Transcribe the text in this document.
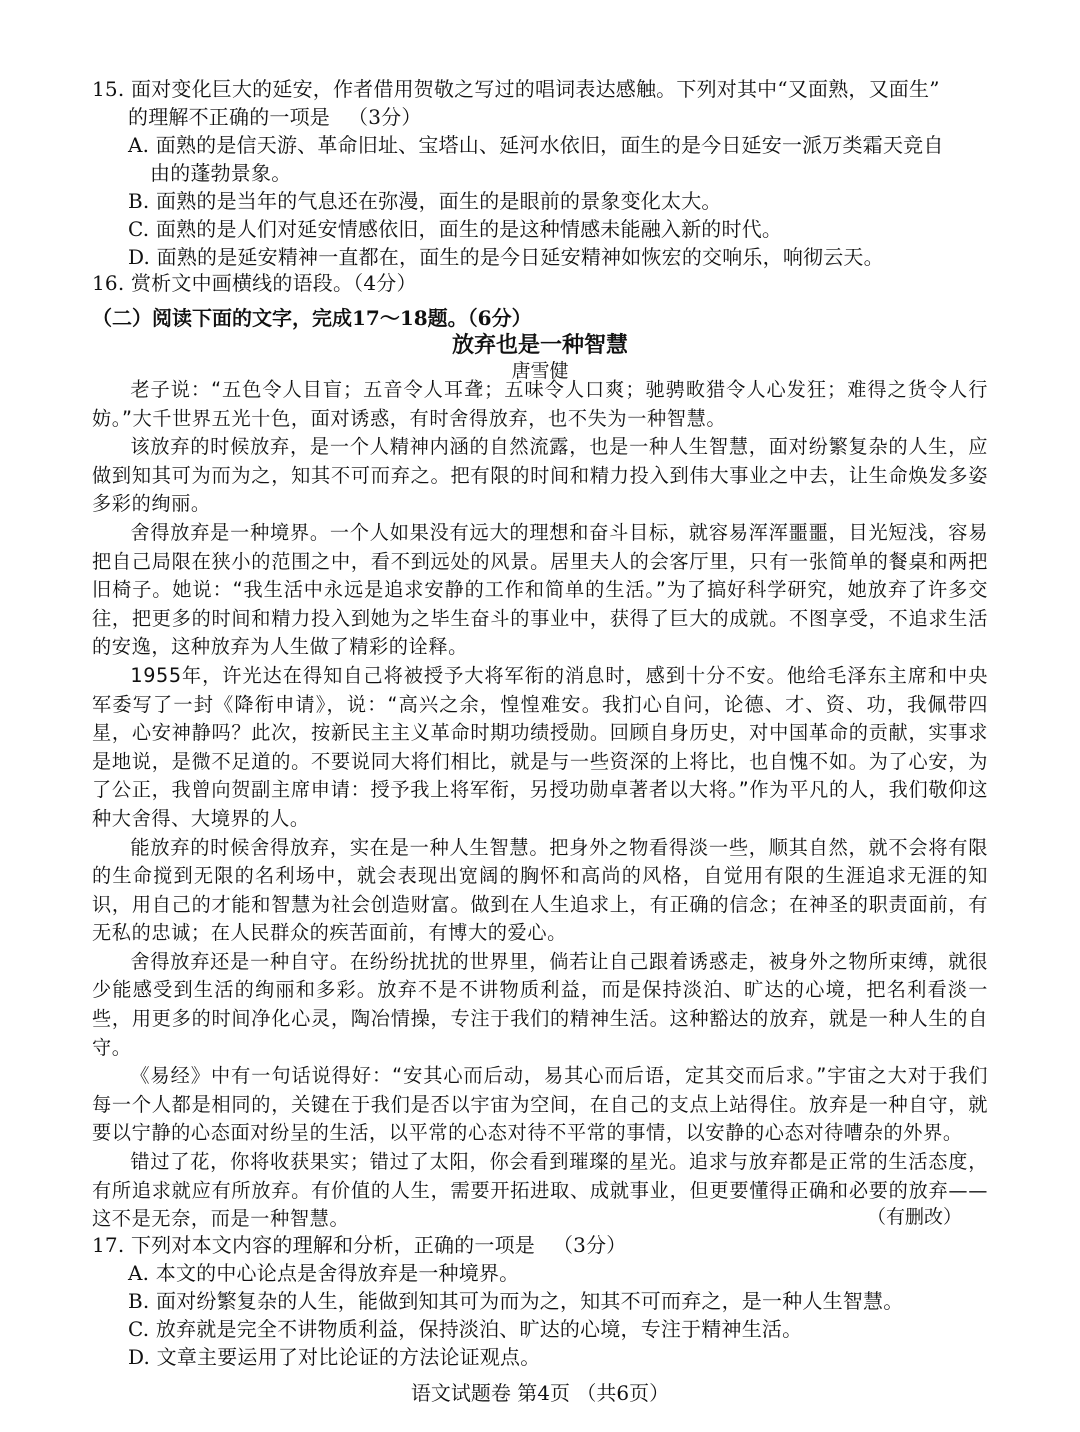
15. 面对变化巨大的延安，作者借用贺敬之写过的唱词表达感触。下列对其中“又面熟，又面生”
的理解不正确的一项是 （3分）
A. 面熟的是信天游、革命旧址、宝塔山、延河水依旧，面生的是今日延安一派万类霜天竞自
由的蓬勃景象。
B. 面熟的是当年的气息还在弥漫，面生的是眼前的景象变化太大。
C. 面熟的是人们对延安情感依旧，面生的是这种情感未能融入新的时代。
D. 面熟的是延安精神一直都在，面生的是今日延安精神如恢宏的交响乐，响彻云天。
16. 赏析文中画横线的语段。（4分）
（二）阅读下面的文字，完成17～18题。（6分）
放弃也是一种智慧
唐雪健

老子说：“五色令人目盲；五音令人耳聋；五味令人口爽；驰骋畋猎令人心发狂；难得之货令人行妨。”大千世界五光十色，面对诱惑，有时舍得放弃，也不失为一种智慧。

该放弃的时候放弃，是一个人精神内涵的自然流露，也是一种人生智慧，面对纷繁复杂的人生，应做到知其可为而为之，知其不可而弃之。把有限的时间和精力投入到伟大事业之中去，让生命焕发多姿多彩的绚丽。

舍得放弃是一种境界。一个人如果没有远大的理想和奋斗目标，就容易浑浑噩噩，目光短浅，容易把自己局限在狭小的范围之中，看不到远处的风景。居里夫人的会客厅里，只有一张简单的餐桌和两把旧椅子。她说：“我生活中永远是追求安静的工作和简单的生活。”为了搞好科学研究，她放弃了许多交往，把更多的时间和精力投入到她为之毕生奋斗的事业中，获得了巨大的成就。不图享受，不追求生活的安逸，这种放弃为人生做了精彩的诠释。

1955年，许光达在得知自己将被授予大将军衔的消息时，感到十分不安。他给毛泽东主席和中央军委写了一封《降衔申请》，说：“高兴之余，惶惶难安。我扪心自问，论德、才、资、功，我佩带四星，心安神静吗？此次，按新民主主义革命时期功绩授勋。回顾自身历史，对中国革命的贡献，实事求是地说，是微不足道的。不要说同大将们相比，就是与一些资深的上将比，也自愧不如。为了心安，为了公正，我曾向贺副主席申请：授予我上将军衔，另授功勋卓著者以大将。”作为平凡的人，我们敬仰这种大舍得、大境界的人。

能放弃的时候舍得放弃，实在是一种人生智慧。把身外之物看得淡一些，顺其自然，就不会将有限的生命搅到无限的名利场中，就会表现出宽阔的胸怀和高尚的风格，自觉用有限的生涯追求无涯的知识，用自己的才能和智慧为社会创造财富。做到在人生追求上，有正确的信念；在神圣的职责面前，有无私的忠诚；在人民群众的疾苦面前，有博大的爱心。

舍得放弃还是一种自守。在纷纷扰扰的世界里，倘若让自己跟着诱惑走，被身外之物所束缚，就很少能感受到生活的绚丽和多彩。放弃不是不讲物质利益，而是保持淡泊、旷达的心境，把名利看淡一些，用更多的时间净化心灵，陶冶情操，专注于我们的精神生活。这种豁达的放弃，就是一种人生的自守。

《易经》中有一句话说得好：“安其心而后动，易其心而后语，定其交而后求。”宇宙之大对于我们每一个人都是相同的，关键在于我们是否以宇宙为空间，在自己的支点上站得住。放弃是一种自守，就要以宁静的心态面对纷呈的生活，以平常的心态对待不平常的事情，以安静的心态对待嘈杂的外界。

错过了花，你将收获果实；错过了太阳，你会看到璀璨的星光。追求与放弃都是正常的生活态度，有所追求就应有所放弃。有价值的人生，需要开拓进取、成就事业，但更要懂得正确和必要的放弃——这不是无奈，而是一种智慧。	（有删改）
17. 下列对本文内容的理解和分析，正确的一项是 （3分）
A. 本文的中心论点是舍得放弃是一种境界。
B. 面对纷繁复杂的人生，能做到知其可为而为之，知其不可而弃之，是一种人生智慧。
C. 放弃就是完全不讲物质利益，保持淡泊、旷达的心境，专注于精神生活。
D. 文章主要运用了对比论证的方法论证观点。
语文试题卷 第4页 （共6页）
